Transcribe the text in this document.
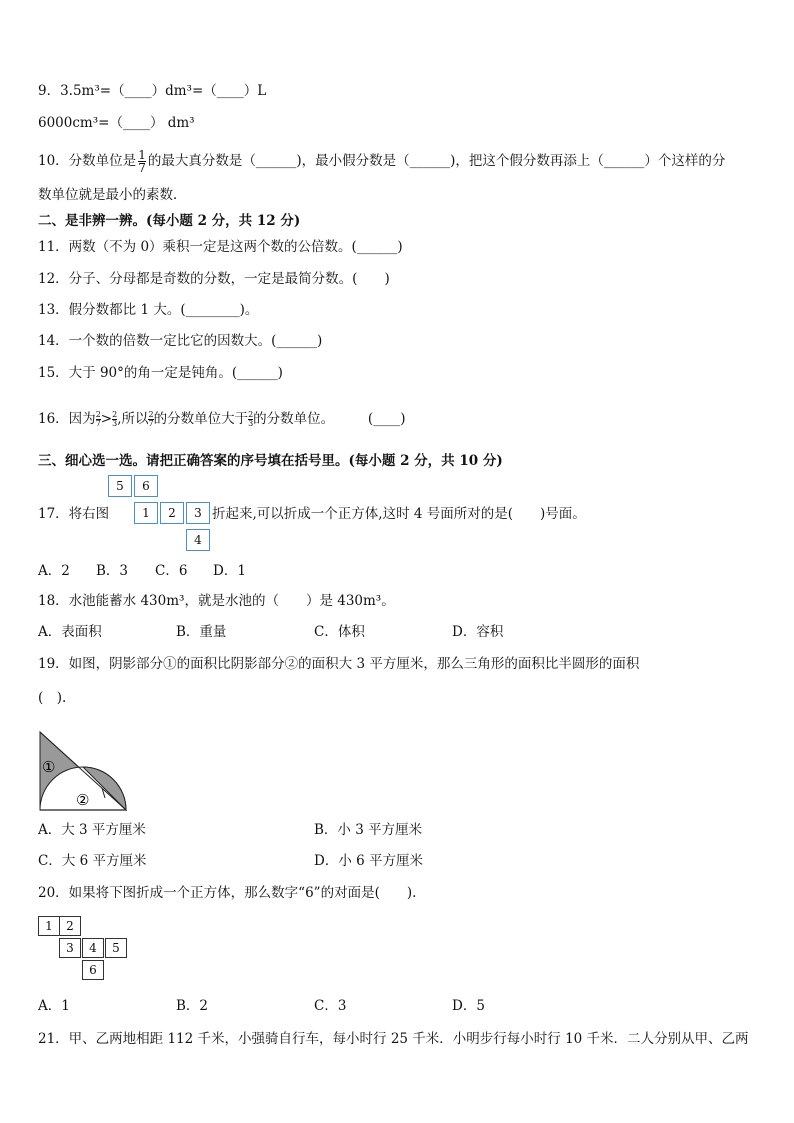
9．3.5m³=（____）dm³=（____）L
6000cm³=（____） dm³
10．分数单位是 $\frac{1}{7}$ 的最大真分数是（______)，最小假分数是（______)，把这个假分数再添上（______）个这样的分
数单位就是最小的素数．
二、是非辨一辨。(每小题 2 分，共 12 分)
11．两数（不为 0）乘积一定是这两个数的公倍数。(______)
12．分子、分母都是奇数的分数，一定是最简分数。(　　)
13．假分数都比 1 大。(________)。
14．一个数的倍数一定比它的因数大。(______)
15．大于 90°的角一定是钝角。(______)
16．因为 $\frac{2}{7} > \frac{2}{3}$ ,所以 $\frac{2}{7}$ 的分数单位大于 $\frac{2}{3}$ 的分数单位。　　　(____)
三、细心选一选。请把正确答案的序号填在括号里。(每小题 2 分，共 10 分)
5	6
1	2	3
4
17．将右图	折起来,可以折成一个正方体,这时 4 号面所对的是(　　)号面。
A．2 B．3 C．6 D．1
18．水池能蓄水 430m³，就是水池的（　　）是 430m³。
A．表面积	B．重量	C．体积	D．容积
19．如图，阴影部分①的面积比阴影部分②的面积大 3 平方厘米，那么三角形的面积比半圆形的面积
(　).
①
②
A．大 3 平方厘米	B．小 3 平方厘米
C．大 6 平方厘米	D．小 6 平方厘米
20．如果将下图折成一个正方体，那么数字“6”的对面是(　　).
1	2
3	4	5
6
A．1	B．2	C．3	D．5
21．甲、乙两地相距 112 千米，小强骑自行车，每小时行 25 千米．小明步行每小时行 10 千米．二人分别从甲、乙两
